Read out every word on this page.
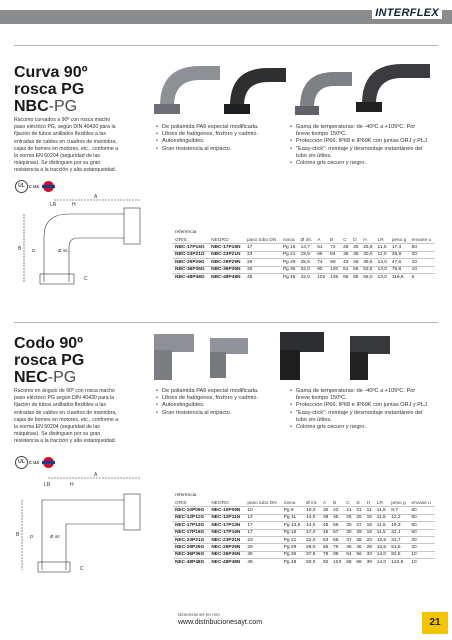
INTERFLEX
Curva 90º
rosca PG
NBC-PG
Racores curvados a 90º con rosca macho paso eléctrico PG, según DIN 40430 para la fijación de tubos anillados flexibles a las entradas de cables en cuadros de maniobra, cajas de bornes en motores, etc., conforme a la norma EN 60204 (seguridad de las máquinas). Se distinguen por su gran resistencia a la tracción y alta estanqueidad.
• De poliamida PA6 especial modificada.
• Libres de halógenos, fósforo y cadmio.
• Autoextinguibles.
• Gran resistencia al impacto.
• Gama de temperaturas: de -40ºC a +105ºC. Por breve tiempo 150ºC.
• Protección IP66. IP68 e IP69K con juntas ORJ y PLJ.
• "Easy-click": montaje y desmontaje instantáneo del tubo sin útiles.
• Colores gris oscuro y negro.
UL c us
A
LR	H
B D	Ø int.
C
referencia
GRIS	NEGRO	paso tubo DN	rosca	Ø int.	A	B	C	D	H	LR	peso g	envase u
NBC-17P16G	NBC-17P16N	17	Pg 16	14,7	51	72	28	30	25,5	11,5	17,4	50
NBC-23P21G	NBC-23P21N	23	Pg 21	19,5	66	84	36	36	30,0	11,0	29,9	20
NBC-29P29G	NBC-29P29N	29	Pg 29	25,5	74	99	43	46	39,5	13,0	47,6	10
NBC-36P36G	NBC-36P36N	36	Pg 36	32,0	90	120	51	56	53,5	13,0	76,8	10
NBC-48P48G	NBC-48P48N	48	Pg 48	42,0	102	135	66	68	56,0	13,0	119,6	5
Codo 90º
rosca PG
NEC-PG
Racores en ángulo de 90º con rosca macho paso eléctrico PG según DIN 40430 para la fijación de tubos anillados flexibles a las entradas de cables en cuadros de maniobra, cajas de bornes en motores, etc., conforme a la norma EN 60204 (seguridad de las máquinas). Se distinguen por su gran resistencia a la tracción y alta estanqueidad.
• De poliamida PA6 especial modificada.
• Libres de halógenos, fósforo y cadmio.
• Autoextinguibles.
• Gran resistencia al impacto.
• Gama de temperaturas: de -40ºC a +105ºC. Por breve tiempo 150ºC.
• Protección IP66. IP68 e IP69K con juntas ORJ y PLJ.
• "Easy-click": montaje y desmontaje instantáneo del tubo sin útiles.
• Colores gris oscuro y negro.
UL c us
A
LR	H
B D	Ø int.
C
referencia
GRIS	NEGRO	paso tubo DN	rosca	Ø int.	A	B	C	D	H	LR	peso g	envase u
NEC-10P09G	NEC-10P09N	10	Pg 9	10,3	35	42	21	21	11	11,5	8,7	50
NEC-12P11G	NEC-12P11N	12	Pg 11	14,0	39	45	25	25	15	11,5	12,2	50
NEC-17P13G	NEC-17P13N	17	Pg 13,5	14,0	45	56	30	27	18	11,5	19,3	50
NEC-17P16G	NEC-17P16N	17	Pg 16	17,0	45	57	30	29	18	11,5	22,1	50
NEC-23P21G	NEC-23P21N	23	Pg 21	22,0	53	65	37	36	23	12,5	31,7	20
NEC-29P29G	NEC-29P29N	29	Pg 29	28,0	65	76	45	46	28	12,5	51,5	20
NEC-36P36G	NEC-36P36N	36	Pg 36	37,5	79	89	54	56	33	14,0	82,5	10
NEC-48P48G	NEC-48P48N	48	Pg 48	50,0	92	103	68	68	39	14,0	122,6	10
Dimensiones en mm
www.distribucionesayt.com	21
